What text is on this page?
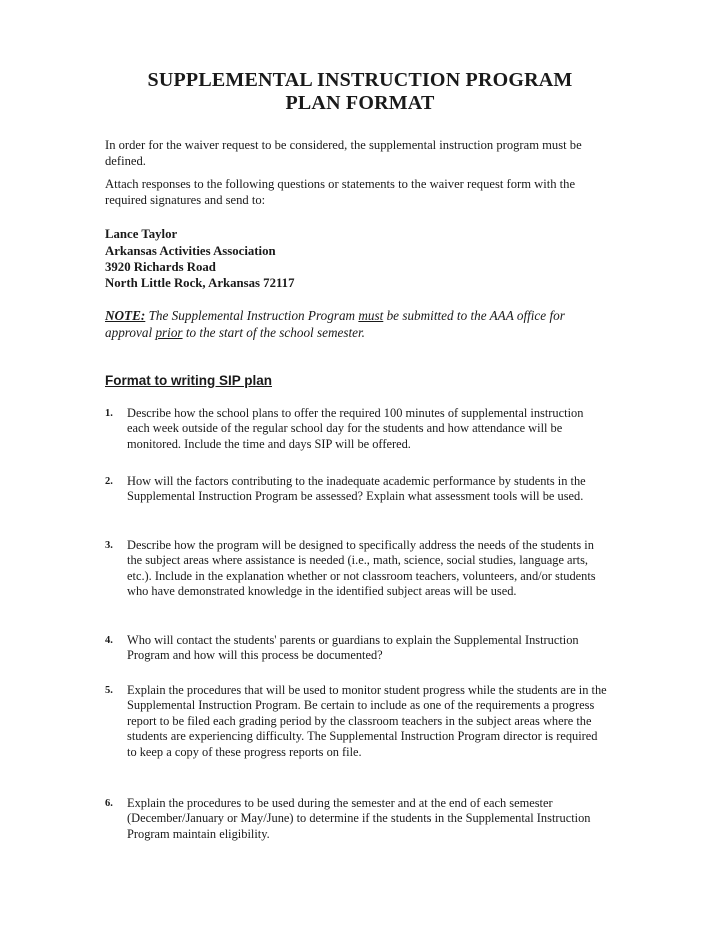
SUPPLEMENTAL INSTRUCTION PROGRAM
PLAN FORMAT
In order for the waiver request to be considered, the supplemental instruction program must be defined.
Attach responses to the following questions or statements to the waiver request form with the required signatures and send to:
Lance Taylor
Arkansas Activities Association
3920 Richards Road
North Little Rock, Arkansas 72117
NOTE: The Supplemental Instruction Program must be submitted to the AAA office for approval prior to the start of the school semester.
Format to writing SIP plan
1. Describe how the school plans to offer the required 100 minutes of supplemental instruction each week outside of the regular school day for the students and how attendance will be monitored. Include the time and days SIP will be offered.
2. How will the factors contributing to the inadequate academic performance by students in the Supplemental Instruction Program be assessed? Explain what assessment tools will be used.
3. Describe how the program will be designed to specifically address the needs of the students in the subject areas where assistance is needed (i.e., math, science, social studies, language arts, etc.). Include in the explanation whether or not classroom teachers, volunteers, and/or students who have demonstrated knowledge in the identified subject areas will be used.
4. Who will contact the students' parents or guardians to explain the Supplemental Instruction Program and how will this process be documented?
5. Explain the procedures that will be used to monitor student progress while the students are in the Supplemental Instruction Program. Be certain to include as one of the requirements a progress report to be filed each grading period by the classroom teachers in the subject areas where the students are experiencing difficulty. The Supplemental Instruction Program director is required to keep a copy of these progress reports on file.
6. Explain the procedures to be used during the semester and at the end of each semester (December/January or May/June) to determine if the students in the Supplemental Instruction Program maintain eligibility.
